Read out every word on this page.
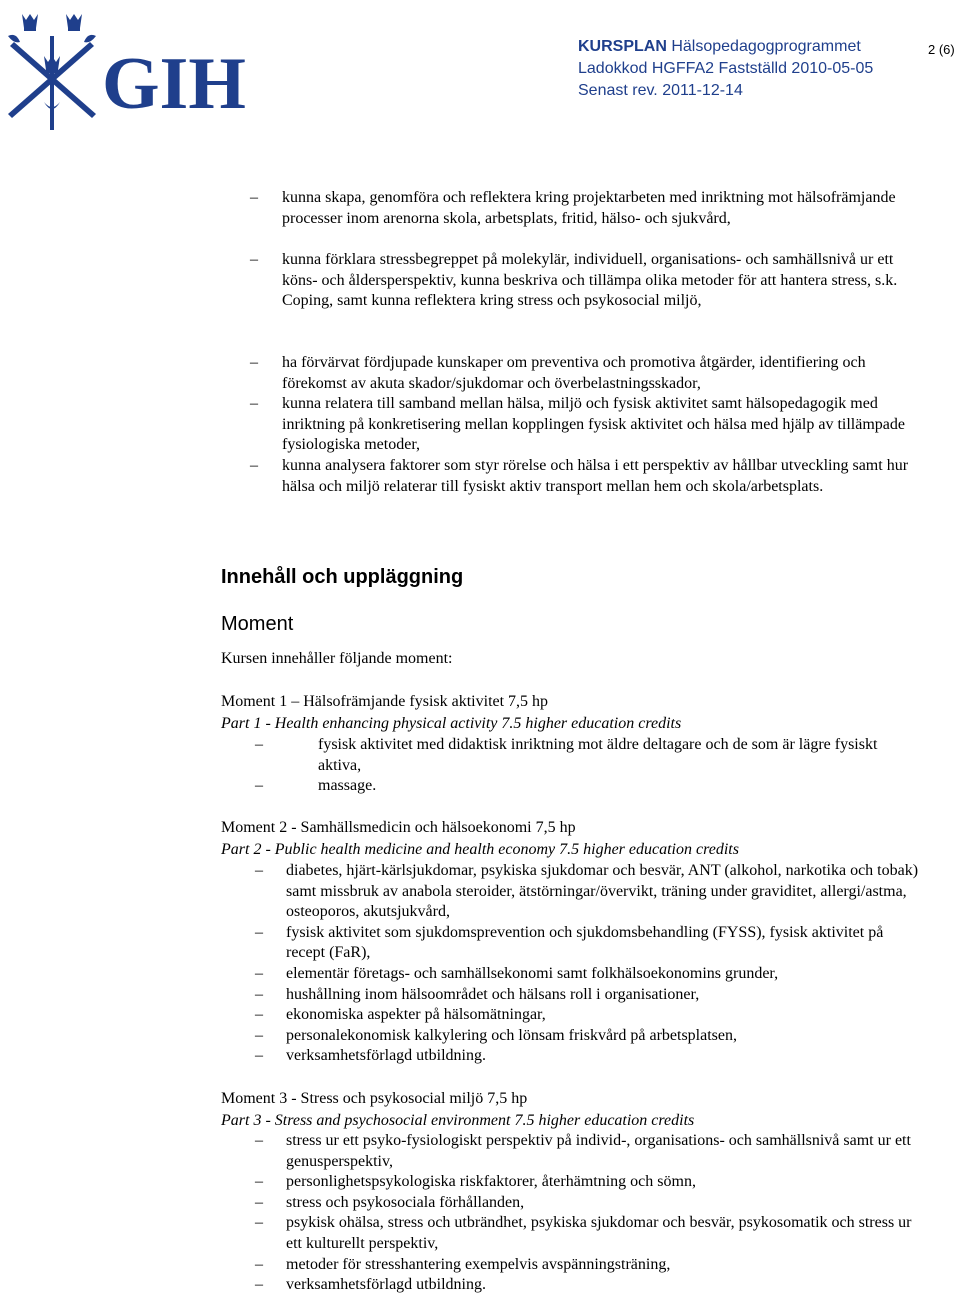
GIH	KURSPLAN Hälsopedagogprogrammet
Ladokkod HGFFA2 Fastställd 2010-05-05
Senast rev. 2011-12-14
2 (6)
–	kunna skapa, genomföra och reflektera kring projektarbeten med inriktning mot hälsofrämjande processer inom arenorna skola, arbetsplats, fritid, hälso- och sjukvård,
–	kunna förklara stressbegreppet på molekylär, individuell, organisations- och samhällsnivå ur ett köns- och åldersperspektiv, kunna beskriva och tillämpa olika metoder för att hantera stress, s.k. Coping, samt kunna reflektera kring stress och psykosocial miljö,
–	ha förvärvat fördjupade kunskaper om preventiva och promotiva åtgärder, identifiering och förekomst av akuta skador/sjukdomar och överbelastningsskador,
–	kunna relatera till samband mellan hälsa, miljö och fysisk aktivitet samt hälsopedagogik med inriktning på konkretisering mellan kopplingen fysisk aktivitet och hälsa med hjälp av tillämpade fysiologiska metoder,
–	kunna analysera faktorer som styr rörelse och hälsa i ett perspektiv av hållbar utveckling samt hur hälsa och miljö relaterar till fysiskt aktiv transport mellan hem och skola/arbetsplats.
Innehåll och uppläggning
Moment
Kursen innehåller följande moment:
Moment 1 – Hälsofrämjande fysisk aktivitet 7,5 hp
Part 1 - Health enhancing physical activity 7.5 higher education credits
–	fysisk aktivitet med didaktisk inriktning mot äldre deltagare och de som är lägre fysiskt aktiva,
–	massage.
Moment 2 - Samhällsmedicin och hälsoekonomi 7,5 hp
Part 2 - Public health medicine and health economy 7.5 higher education credits
–	diabetes, hjärt-kärlsjukdomar, psykiska sjukdomar och besvär, ANT (alkohol, narkotika och tobak) samt missbruk av anabola steroider, ätstörningar/övervikt, träning under graviditet, allergi/astma, osteoporos, akutsjukvård,
–	fysisk aktivitet som sjukdomsprevention och sjukdomsbehandling (FYSS), fysisk aktivitet på recept (FaR),
–	elementär företags- och samhällsekonomi samt folkhälsoekonomins grunder,
–	hushållning inom hälsoområdet och hälsans roll i organisationer,
–	ekonomiska aspekter på hälsomätningar,
–	personalekonomisk kalkylering och lönsam friskvård på arbetsplatsen,
–	verksamhetsförlagd utbildning.
Moment 3 - Stress och psykosocial miljö 7,5 hp
Part 3 - Stress and psychosocial environment 7.5 higher education credits
–	stress ur ett psyko-fysiologiskt perspektiv på individ-, organisations- och samhällsnivå samt ur ett genusperspektiv,
–	personlighetspsykologiska riskfaktorer, återhämtning och sömn,
–	stress och psykosociala förhållanden,
–	psykisk ohälsa, stress och utbrändhet, psykiska sjukdomar och besvär, psykosomatik och stress ur ett kulturellt perspektiv,
–	metoder för stresshantering exempelvis avspänningsträning,
–	verksamhetsförlagd utbildning.
